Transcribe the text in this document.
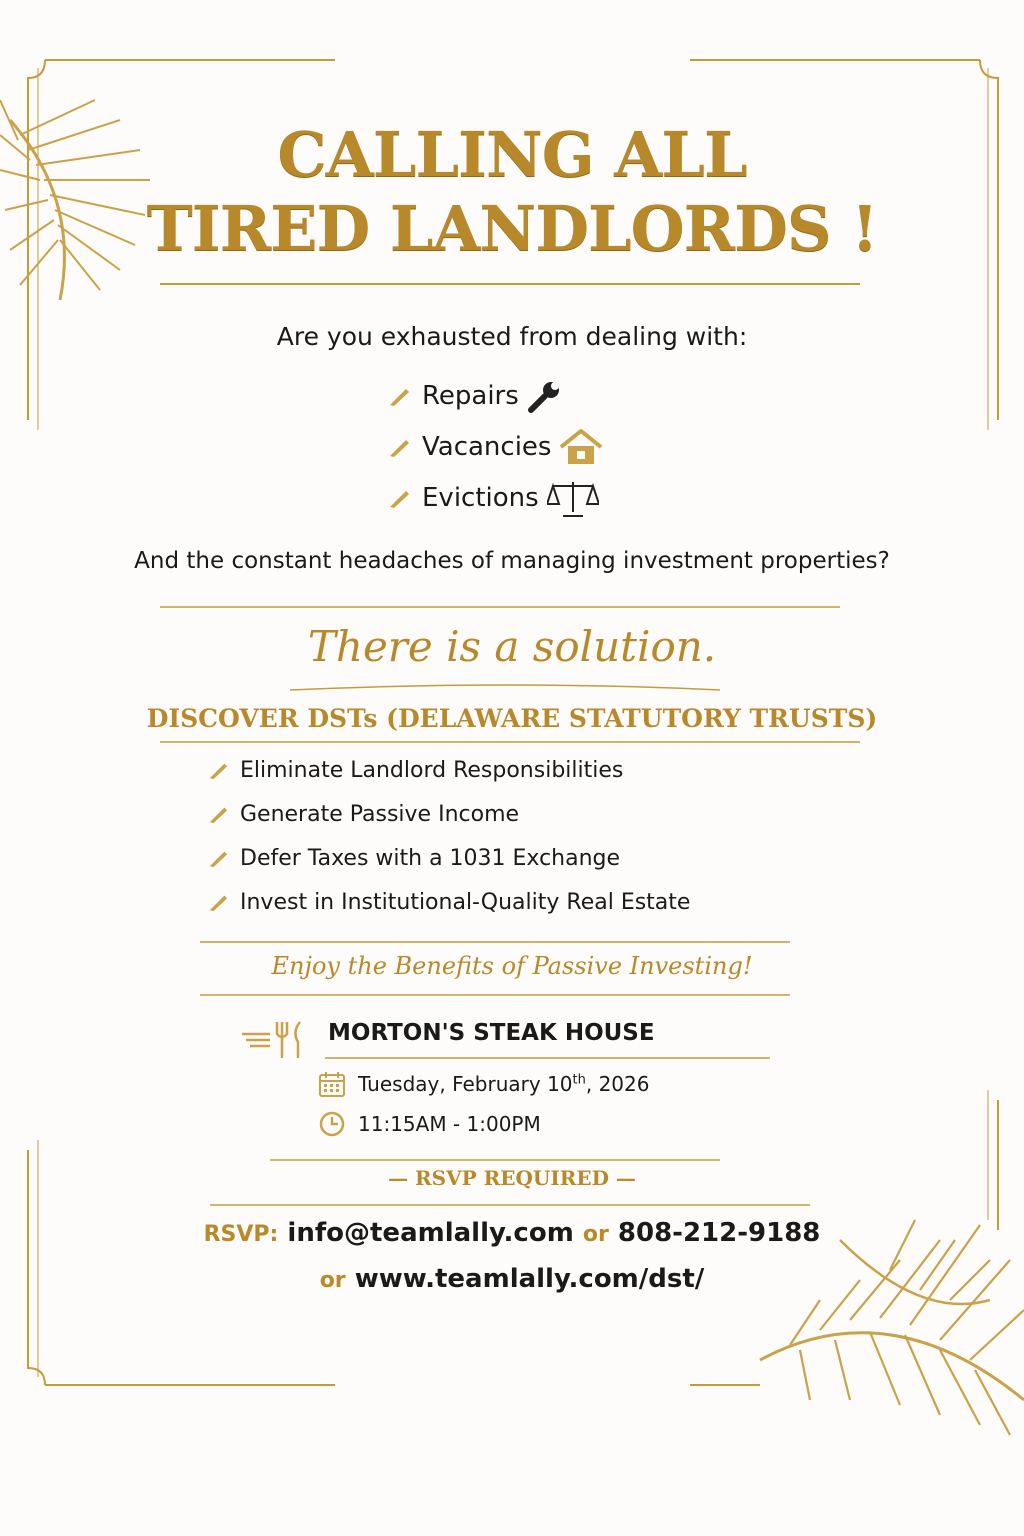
CALLING ALL
TIRED LANDLORDS !
Are you exhausted from dealing with:
Repairs
Vacancies
Evictions
And the constant headaches of managing investment properties?
There is a solution.
DISCOVER DSTs (DELAWARE STATUTORY TRUSTS)
Eliminate Landlord Responsibilities
Generate Passive Income
Defer Taxes with a 1031 Exchange
Invest in Institutional-Quality Real Estate
Enjoy the Benefits of Passive Investing!
MORTON'S STEAK HOUSE
Tuesday, February 10th, 2026
11:15AM - 1:00PM
— RSVP REQUIRED —
RSVP: info@teamlally.com or 808-212-9188
or www.teamlally.com/dst/
